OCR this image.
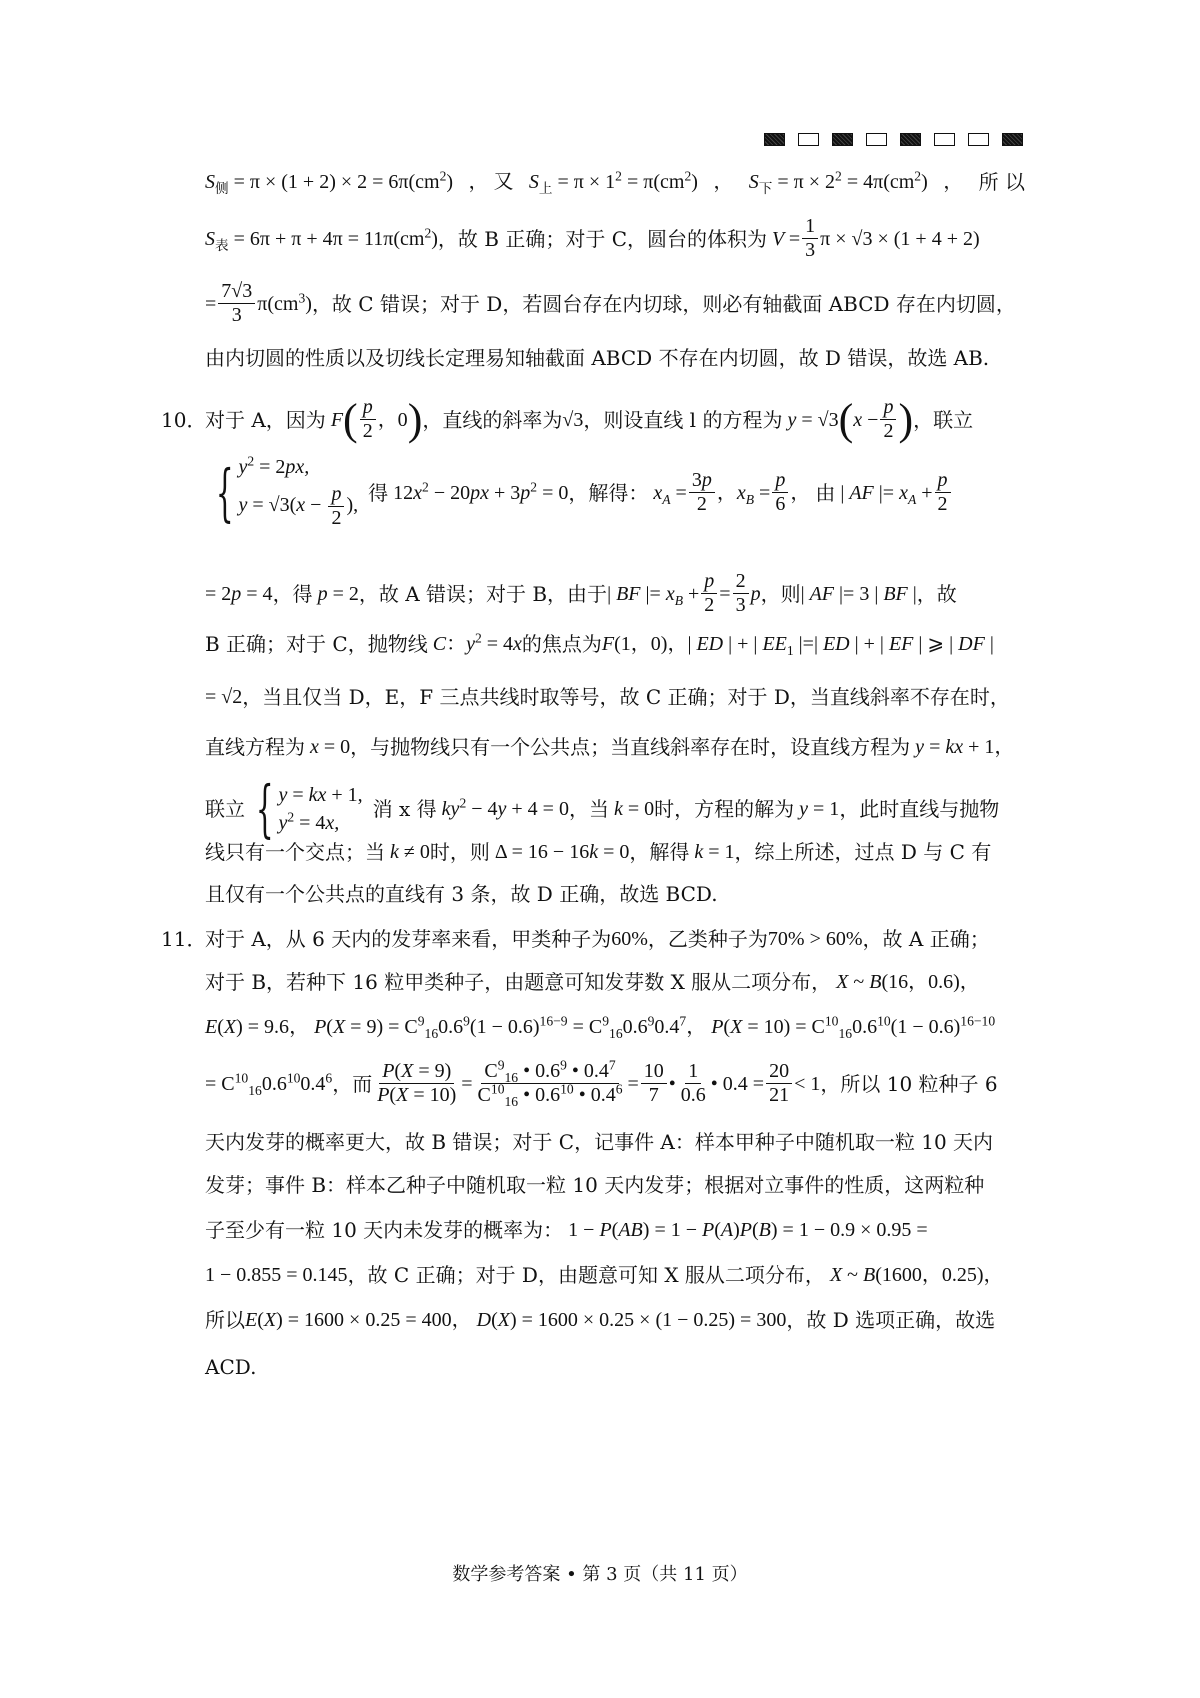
$S_侧 = \pi \times (1 + 2) \times 2 = 6\pi(cm^2)$ ， 又 $S_上 = \pi \times 1^2 = \pi(cm^2)$ ， $S_下 = \pi \times 2^2 = 4\pi(cm^2)$ ， 所 以
$S_表 = 6\pi + \pi + 4\pi = 11\pi(cm^2)$ ，故 B 正确；对于 C，圆台的体积为 $V = \frac{1}{3}$ π × √3 × (1 + 4 + 2)
= $\frac{7√3}{3} \pi(cm^3)$ ，故 C 错误；对于 D，若圆台存在内切球，则必有轴截面 ABCD 存在内切圆，
由内切圆的性质以及切线长定理易知轴截面 ABCD 不存在内切圆，故 D 错误，故选 AB.
10．
对于 A，因为 F ( $\frac{p}{2}$ ，0 ) ，直线的斜率为 √3 ，则设直线 l 的方程为 y = √3 ( $x - \frac{p}{2}$ ) ，联立
{ $y^2 = 2px$,
$y = √3(x - \frac{p}{2}$ ),
得 $12x^2 - 20px + 3p^2 = 0$ ，解得： $x_A = \frac{3p}{2}$ ， $x_B = \frac{p}{6}$ ， 由 | AF |= $x_A + \frac{p}{2}$
= 2p = 4 ，得 p = 2 ，故 A 错误；对于 B，由于 | BF |= $x_B + \frac{p}{2} = \frac{2}{3}$ p ，则 | AF |= 3 | BF | ，故
B 正确；对于 C，抛物线 C：$y^2 = 4x$ 的焦点为 F(1，0)，| ED | + | $EE_1$ |=| ED | + | EF | ⩾ | DF |
= √2 ，当且仅当 D，E，F 三点共线时取等号，故 C 正确；对于 D，当直线斜率不存在时，
直线方程为 x = 0 ，与抛物线只有一个公共点；当直线斜率存在时，设直线方程为 y = kx + 1，
联立 { y = kx + 1,
$y^2 = 4x$,
消 x 得 $ky^2 - 4y + 4 = 0$ ，当 k = 0 时，方程的解为 y = 1 ，此时直线与抛物
线只有一个交点；当 k ≠ 0 时，则 Δ = 16 − 16k = 0 ，解得 k = 1 ，综上所述，过点 D 与 C 有
且仅有一个公共点的直线有 3 条，故 D 正确，故选 BCD.
11．
对于 A，从 6 天内的发芽率来看，甲类种子为 60% ，乙类种子为 70% > 60% ，故 A 正确；
对于 B，若种下 16 粒甲类种子，由题意可知发芽数 X 服从二项分布， X ~ B(16，0.6) ，
E(X) = 9.6 ， $P(X = 9) = C^9_{16}0.6^9(1 - 0.6)^{16-9} = C^9_{16}0.6^90.4^7$ ， $P(X = 10) = C^{10}_{16}0.6^{10}(1 - 0.6)^{16-10}$
= $C^{10}_{16}0.6^{10}0.4^6$ ，而 $\frac{P(X = 9)}{P(X = 10)} = \frac{C^9_{16} • 0.6^9 • 0.4^7}{C^{10}_{16} • 0.6^{10} • 0.4^6} = \frac{10}{7}$ • $\frac{1}{0.6}$ • $0.4 = \frac{20}{21} < 1$ ，所以 10 粒种子 6
天内发芽的概率更大，故 B 错误；对于 C，记事件 A：样本甲种子中随机取一粒 10 天内
发芽；事件 B：样本乙种子中随机取一粒 10 天内发芽；根据对立事件的性质，这两粒种
子至少有一粒 10 天内未发芽的概率为： 1 − P(AB) = 1 − P(A)P(B) = 1 − 0.9 × 0.95 =
1 − 0.855 = 0.145 ，故 C 正确；对于 D，由题意可知 X 服从二项分布， X ~ B(1600，0.25) ，
所以 E(X) = 1600 × 0.25 = 400， D(X) = 1600 × 0.25 × (1 − 0.25) = 300 ，故 D 选项正确，故选
ACD.
数学参考答案 • 第 3 页（共 11 页）
